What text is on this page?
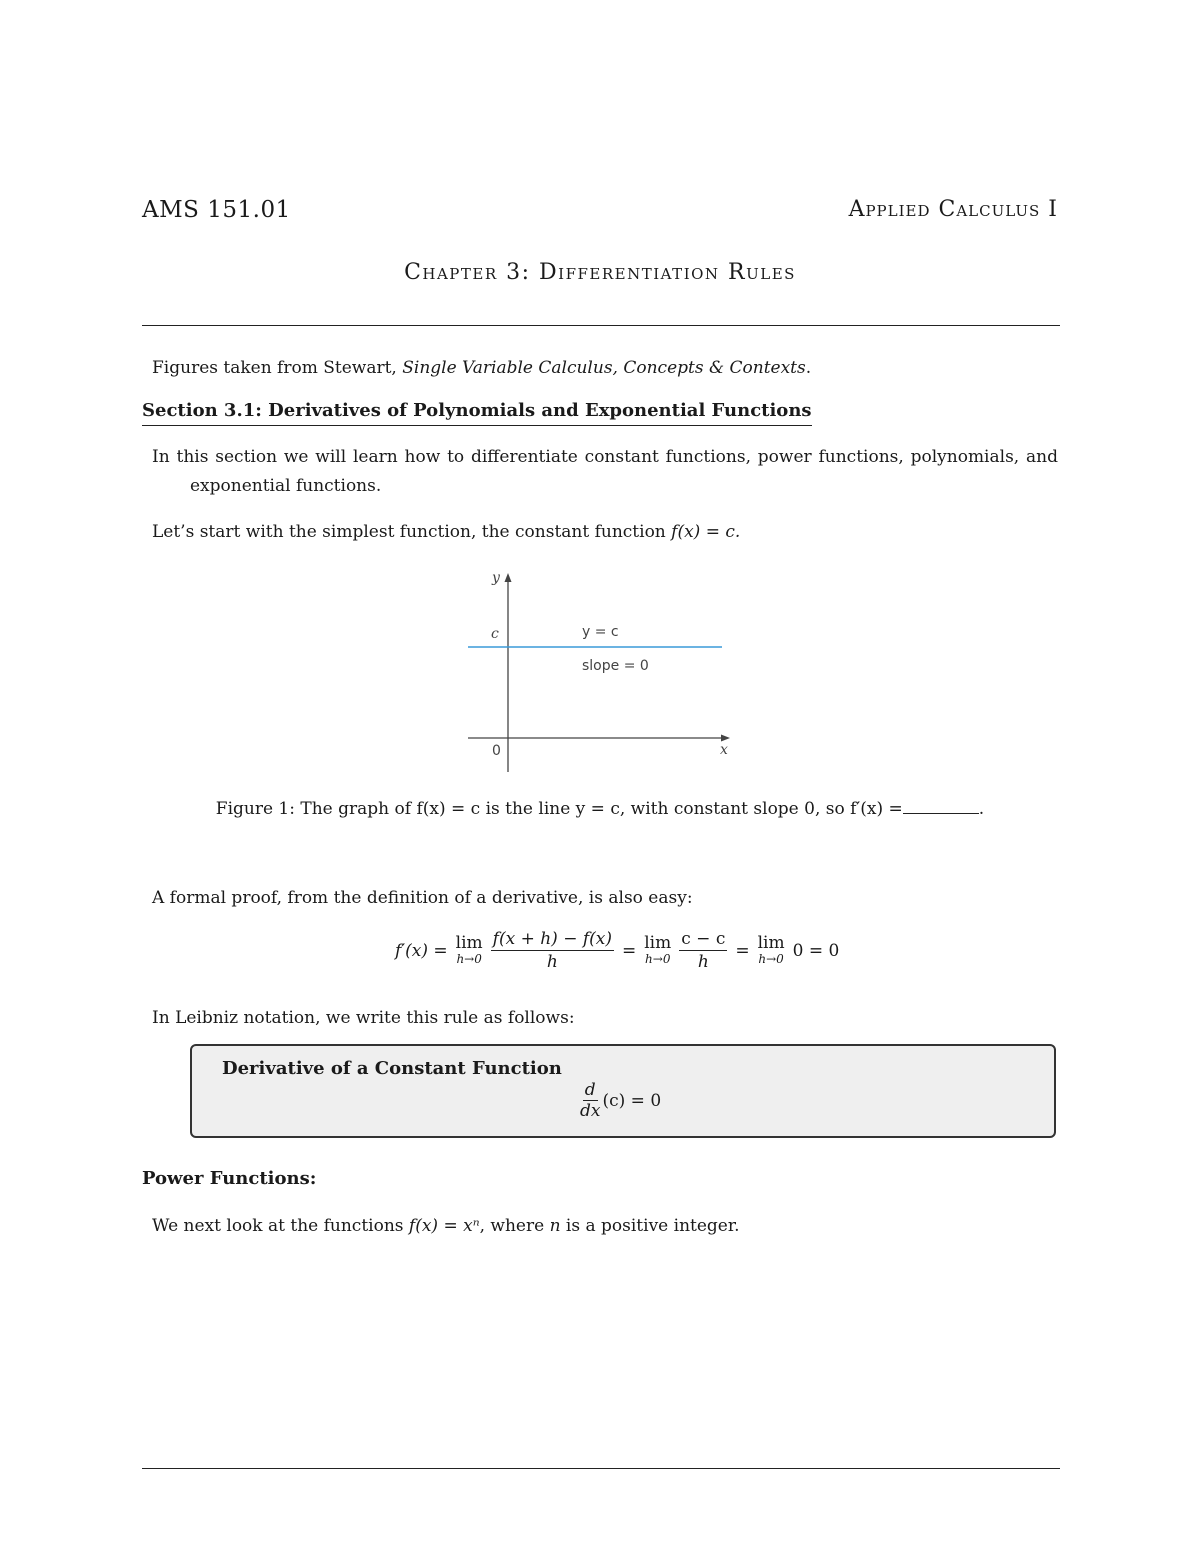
AMS 151.01	Applied Calculus I
Chapter 3: Differentiation Rules
Figures taken from Stewart, Single Variable Calculus, Concepts & Contexts.
Section 3.1: Derivatives of Polynomials and Exponential Functions
In this section we will learn how to differentiate constant functions, power functions, polynomials, and
exponential functions.
Let’s start with the simplest function, the constant function f(x) = c.
y
x
c
0
y = c
slope = 0
Figure 1: The graph of f(x) = c is the line y = c, with constant slope 0, so f′(x) =	.
A formal proof, from the definition of a derivative, is also easy:
f′(x) = lim
$h\to 0 \frac{f(x + h) - f(x)}{h} = \lim$
$h\to 0 \frac{c - c}{h} = \lim$
h→0 0 = 0
In Leibniz notation, we write this rule as follows:
Derivative of a Constant Function
$\frac{d}{dx} (c) = 0$
Power Functions:
We next look at the functions f(x) = xⁿ, where n is a positive integer.
